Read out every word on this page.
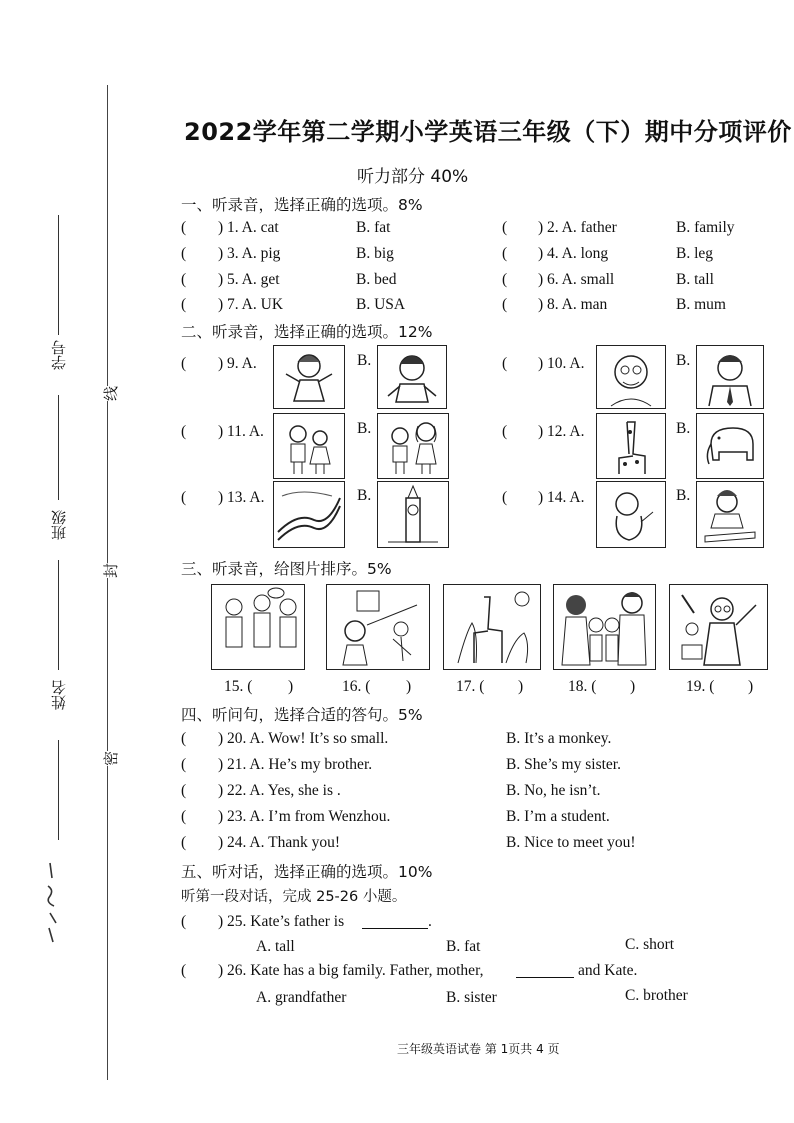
学号
班级
姓名
线
封
密
2022学年第二学期小学英语三年级（下）期中分项评价
听力部分 40%
一、听录音，选择正确的选项。8%
( ) 1. A. cat	B. fat	( ) 2. A. father	B. family
( ) 3. A. pig	B. big	( ) 4. A. long	B. leg
( ) 5. A. get	B. bed	( ) 6. A. small	B. tall
( ) 7. A. UK	B. USA	( ) 8. A. man	B. mum
二、听录音，选择正确的选项。12%
( ) 9. A.	B.	( ) 10. A.	B.
( ) 11. A.	B.	( ) 12. A.	B.
( ) 13. A.	B.	( ) 14. A.	B.
三、听录音，给图片排序。5%
15. ( )	16. ( )	17. ( )	18. ( )	19. ( )
四、听问句，选择合适的答句。5%
( ) 20. A. Wow! It’s so small.	B. It’s a monkey.
( ) 21. A. He’s my brother.	B. She’s my sister.
( ) 22. A. Yes, she is .	B. No, he isn’t.
( ) 23. A. I’m from Wenzhou.	B. I’m a student.
( ) 24. A. Thank you!	B. Nice to meet you!
五、听对话，选择正确的选项。10%
听第一段对话，完成 25-26 小题。
( ) 25. Kate’s father is	.
A. tall	B. fat	C. short
( ) 26. Kate has a big family. Father, mother,	and Kate.
A. grandfather	B. sister	C. brother
三年级英语试卷 第 1页共 4 页
